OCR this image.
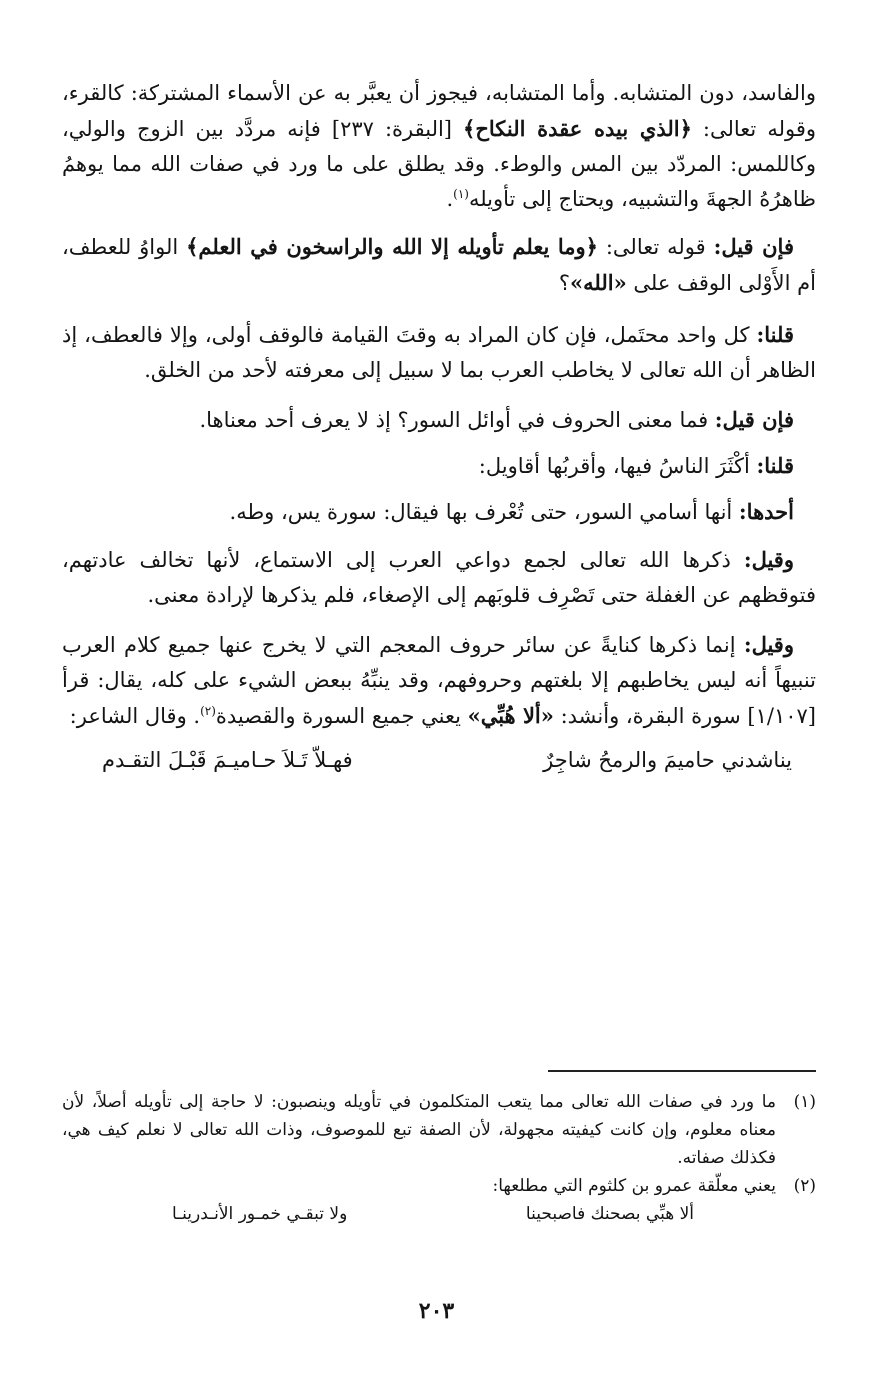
والفاسد، دون المتشابه. وأما المتشابه، فيجوز أن يعبَّر به عن الأسماء المشتركة: كالقرء، وقوله تعالى: ﴿الذي بيده عقدة النكاح﴾ [البقرة: ٢٣٧] فإنه مردَّد بين الزوج والولي، وكاللمس: المردّد بين المس والوطء. وقد يطلق على ما ورد في صفات الله مما يوهمُ ظاهرُهُ الجهةَ والتشبيه، ويحتاج إلى تأويله$^{(١)}$.

فإن قيل: قوله تعالى: ﴿وما يعلم تأويله إلا الله والراسخون في العلم﴾ الواوُ للعطف، أم الأَوْلى الوقف على «الله»؟

قلنا: كل واحد محتَمل، فإن كان المراد به وقتَ القيامة فالوقف أولى، وإلا فالعطف، إذ الظاهر أن الله تعالى لا يخاطب العرب بما لا سبيل إلى معرفته لأحد من الخلق.

فإن قيل: فما معنى الحروف في أوائل السور؟ إذ لا يعرف أحد معناها.

قلنا: أكْثَرَ الناسُ فيها، وأقربُها أقاويل:

أحدها: أنها أسامي السور، حتى تُعْرف بها فيقال: سورة يس، وطه.

وقيل: ذكرها الله تعالى لجمع دواعي العرب إلى الاستماع، لأنها تخالف عادتهم، فتوقظهم عن الغفلة حتى تَصْرِف قلوبَهم إلى الإصغاء، فلم يذكرها لإرادة معنى.

وقيل: إنما ذكرها كنايةً عن سائر حروف المعجم التي لا يخرج عنها جميع كلام العرب تنبيهاً أنه ليس يخاطبهم إلا بلغتهم وحروفهم، وقد ينبِّهُ ببعض الشيء على كله، يقال: قرأ [١/١٠٧] سورة البقرة، وأنشد: «ألا هُبِّي» يعني جميع السورة والقصيدة$^{(٢)}$. وقال الشاعر:

يناشدني حاميمَ والرمحُ شاجِرٌ
فهـلاّ تَـلاَ حـاميـمَ قَبْـلَ التقـدم
(١)
ما ورد في صفات الله تعالى مما يتعب المتكلمون في تأويله وينصبون: لا حاجة إلى تأويله أصلاً، لأن معناه معلوم، وإن كانت كيفيته مجهولة، لأن الصفة تبع للموصوف، وذات الله تعالى لا نعلم كيف هي، فكذلك صفاته.
(٢)
يعني معلّقة عمرو بن كلثوم التي مطلعها:
ألا هبِّي بصحنك فاصبحينا
ولا تبقـي خمـور الأنـدرينـا
٢٠٣
